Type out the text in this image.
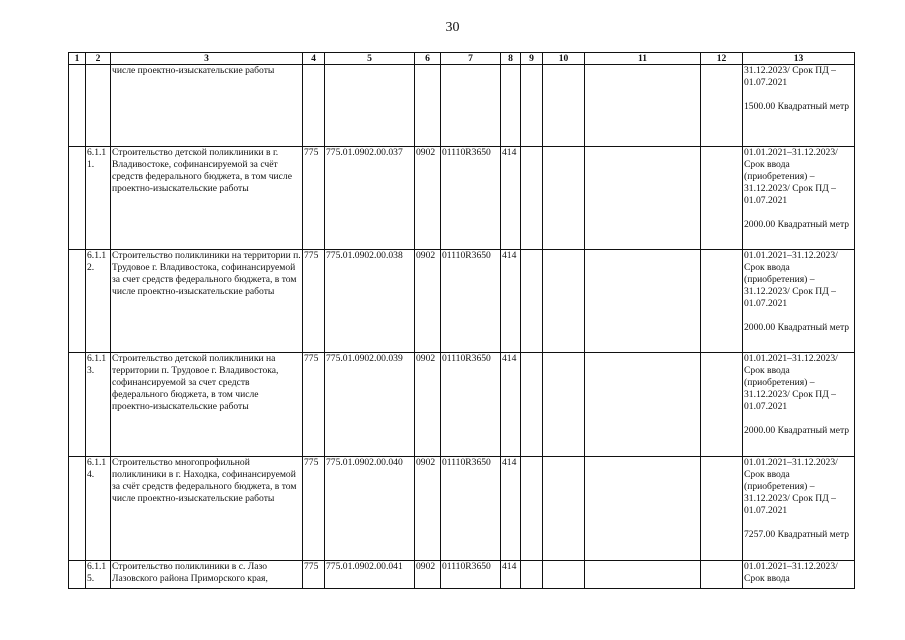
30
1	2	3	4	5	6	7	8	9	10	11	12	13
		числе проектно-изыскательские работы										31.12.2023/ Срок ПД – 01.07.2021
1500.00 Квадратный метр
	6.1.1 1.	Строительство детской поликлиники в г. Владивостоке, софинансируемой за счёт средств федерального бюджета, в том числе проектно-изыскательские работы	775	775.01.0902.00.037	0902	01110R3650	414					01.01.2021–31.12.2023/ Срок ввода (приобретения) – 31.12.2023/ Срок ПД – 01.07.2021
2000.00 Квадратный метр
	6.1.1 2.	Строительство поликлиники на территории п. Трудовое г. Владивостока, софинансируемой за счет средств федерального бюджета, в том числе проектно-изыскательские работы	775	775.01.0902.00.038	0902	01110R3650	414					01.01.2021–31.12.2023/ Срок ввода (приобретения) – 31.12.2023/ Срок ПД – 01.07.2021
2000.00 Квадратный метр
	6.1.1 3.	Строительство детской поликлиники на территории п. Трудовое г. Владивостока, софинансируемой за счет средств федерального бюджета, в том числе проектно-изыскательские работы	775	775.01.0902.00.039	0902	01110R3650	414					01.01.2021–31.12.2023/ Срок ввода (приобретения) – 31.12.2023/ Срок ПД – 01.07.2021
2000.00 Квадратный метр
	6.1.1 4.	Строительство многопрофильной поликлиники в г. Находка, софинансируемой за счёт средств федерального бюджета, в том числе проектно-изыскательские работы	775	775.01.0902.00.040	0902	01110R3650	414					01.01.2021–31.12.2023/ Срок ввода (приобретения) – 31.12.2023/ Срок ПД – 01.07.2021
7257.00 Квадратный метр
	6.1.1 5.	Строительство поликлиники в с. Лазо Лазовского района Приморского края,	775	775.01.0902.00.041	0902	01110R3650	414					01.01.2021–31.12.2023/ Срок ввода
